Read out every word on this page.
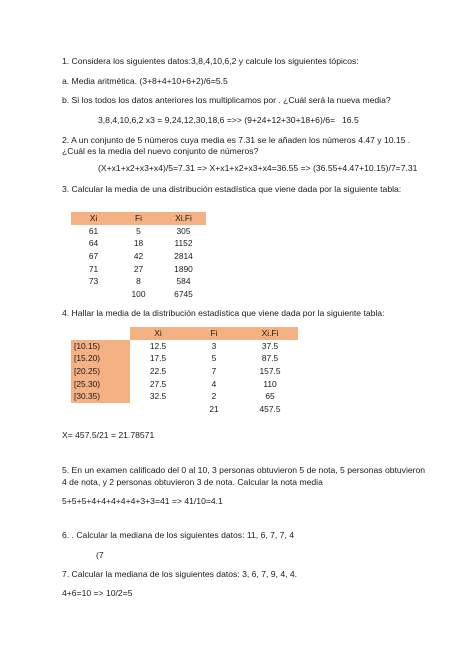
1. Considera los siguientes datos:3,8,4,10,6,2 y calcule los siguientes tópicos:
a. Media aritmética. (3+8+4+10+6+2)/6=5.5
b. Si los todos los datos anteriores los multiplicamos por . ¿Cuál será la nueva media?
3,8,4,10,6,2 x3 = 9,24,12,30,18,6 =>> (9+24+12+30+18+6)/6= 16.5
2. A un conjunto de 5 números cuya media es 7.31 se le añaden los números 4.47 y 10.15 .
¿Cuál es la media del nuevo conjunto de números?
(X+x1+x2+x3+x4)/5=7.31 => X+x1+x2+x3+x4=36.55 => (36.55+4.47+10.15)/7=7.31
3. Calcular la media de una distribución estadística que viene dada por la siguiente tabla:
Xi	Fi	Xi.Fi
61	5	305
64	18	1152
67	42	2814
71	27	1890
73	8	584
	100	6745
4. Hallar la media de la distribución estadística que viene dada por la siguiente tabla:
	Xi	Fi	Xi.Fi
[10.15)	12.5	3	37.5
[15.20)	17.5	5	87.5
[20.25)	22.5	7	157.5
[25.30)	27.5	4	110
[30.35)	32.5	2	65
		21	457.5
X= 457.5/21 = 21.78571
5. En un examen calificado del 0 al 10, 3 personas obtuvieron 5 de nota, 5 personas obtuvieron
4 de nota, y 2 personas obtuvieron 3 de nota. Calcular la nota media
5+5+5+4+4+4+4+4+3+3=41 => 41/10=4.1
6. . Calcular la mediana de los siguientes datos: 11, 6, 7, 7, 4
(7
7. Calcular la mediana de los siguientes datos: 3, 6, 7, 9, 4, 4.
4+6=10 => 10/2=5
